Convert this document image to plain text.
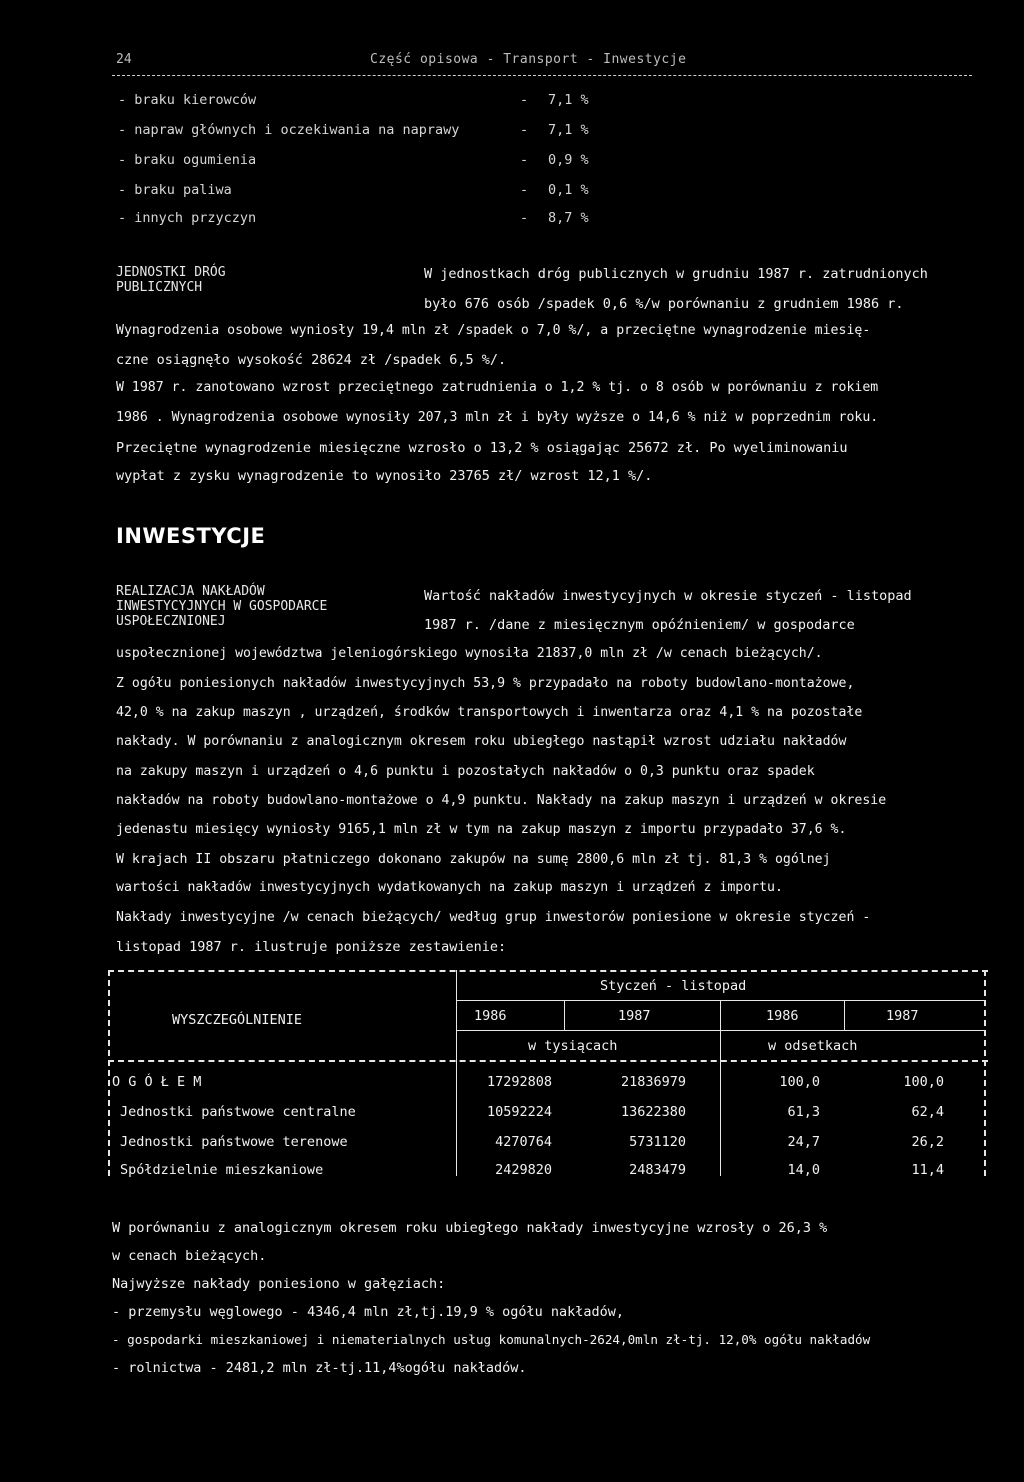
24	Część opisowa - Transport - Inwestycje
- braku kierowców	- 7,1 %
- napraw głównych i oczekiwania na naprawy	- 7,1 %
- braku ogumienia	- 0,9 %
- braku paliwa	- 0,1 %
- innych przyczyn	- 8,7 %
JEDNOSTKI DRÓG
PUBLICZNYCH
W jednostkach dróg publicznych w grudniu 1987 r. zatrudnionych
było 676 osób /spadek 0,6 %/w porównaniu z grudniem 1986 r.
Wynagrodzenia osobowe wyniosły 19,4 mln zł /spadek o 7,0 %/, a przeciętne wynagrodzenie miesię-
czne osiągnęło wysokość 28624 zł /spadek 6,5 %/.
W 1987 r. zanotowano wzrost przeciętnego zatrudnienia o 1,2 % tj. o 8 osób w porównaniu z rokiem
1986 . Wynagrodzenia osobowe wynosiły 207,3 mln zł i były wyższe o 14,6 % niż w poprzednim roku.
Przeciętne wynagrodzenie miesięczne wzrosło o 13,2 % osiągając 25672 zł. Po wyeliminowaniu
wypłat z zysku wynagrodzenie to wynosiło 23765 zł/ wzrost 12,1 %/.
INWESTYCJE
REALIZACJA NAKŁADÓW
INWESTYCYJNYCH W GOSPODARCE
USPOŁECZNIONEJ
Wartość nakładów inwestycyjnych w okresie styczeń - listopad
1987 r. /dane z miesięcznym opóźnieniem/ w gospodarce
uspołecznionej województwa jeleniogórskiego wynosiła 21837,0 mln zł /w cenach bieżących/.
Z ogółu poniesionych nakładów inwestycyjnych 53,9 % przypadało na roboty budowlano-montażowe,
42,0 % na zakup maszyn , urządzeń, środków transportowych i inwentarza oraz 4,1 % na pozostałe
nakłady. W porównaniu z analogicznym okresem roku ubiegłego nastąpił wzrost udziału nakładów
na zakupy maszyn i urządzeń o 4,6 punktu i pozostałych nakładów o 0,3 punktu oraz spadek
nakładów na roboty budowlano-montażowe o 4,9 punktu. Nakłady na zakup maszyn i urządzeń w okresie
jedenastu miesięcy wyniosły 9165,1 mln zł w tym na zakup maszyn z importu przypadało 37,6 %.
W krajach II obszaru płatniczego dokonano zakupów na sumę 2800,6 mln zł tj. 81,3 % ogólnej
wartości nakładów inwestycyjnych wydatkowanych na zakup maszyn i urządzeń z importu.
Nakłady inwestycyjne /w cenach bieżących/ według grup inwestorów poniesione w okresie styczeń -
listopad 1987 r. ilustruje poniższe zestawienie:
WYSZCZEGÓLNIENIE
Styczeń - listopad
1986	1987	1986	1987
w tysiącach	w odsetkach
O G Ó Ł E M	17292808	21836979	100,0	100,0
Jednostki państwowe centralne	10592224	13622380	61,3	62,4
Jednostki państwowe terenowe	4270764	5731120	24,7	26,2
Spółdzielnie mieszkaniowe	2429820	2483479	14,0	11,4
W porównaniu z analogicznym okresem roku ubiegłego nakłady inwestycyjne wzrosły o 26,3 %
w cenach bieżących.
Najwyższe nakłady poniesiono w gałęziach:
- przemysłu węglowego - 4346,4 mln zł,tj.19,9 % ogółu nakładów,
- gospodarki mieszkaniowej i niematerialnych usług komunalnych-2624,0mln zł-tj. 12,0% ogółu nakładów
- rolnictwa - 2481,2 mln zł-tj.11,4%ogółu nakładów.
